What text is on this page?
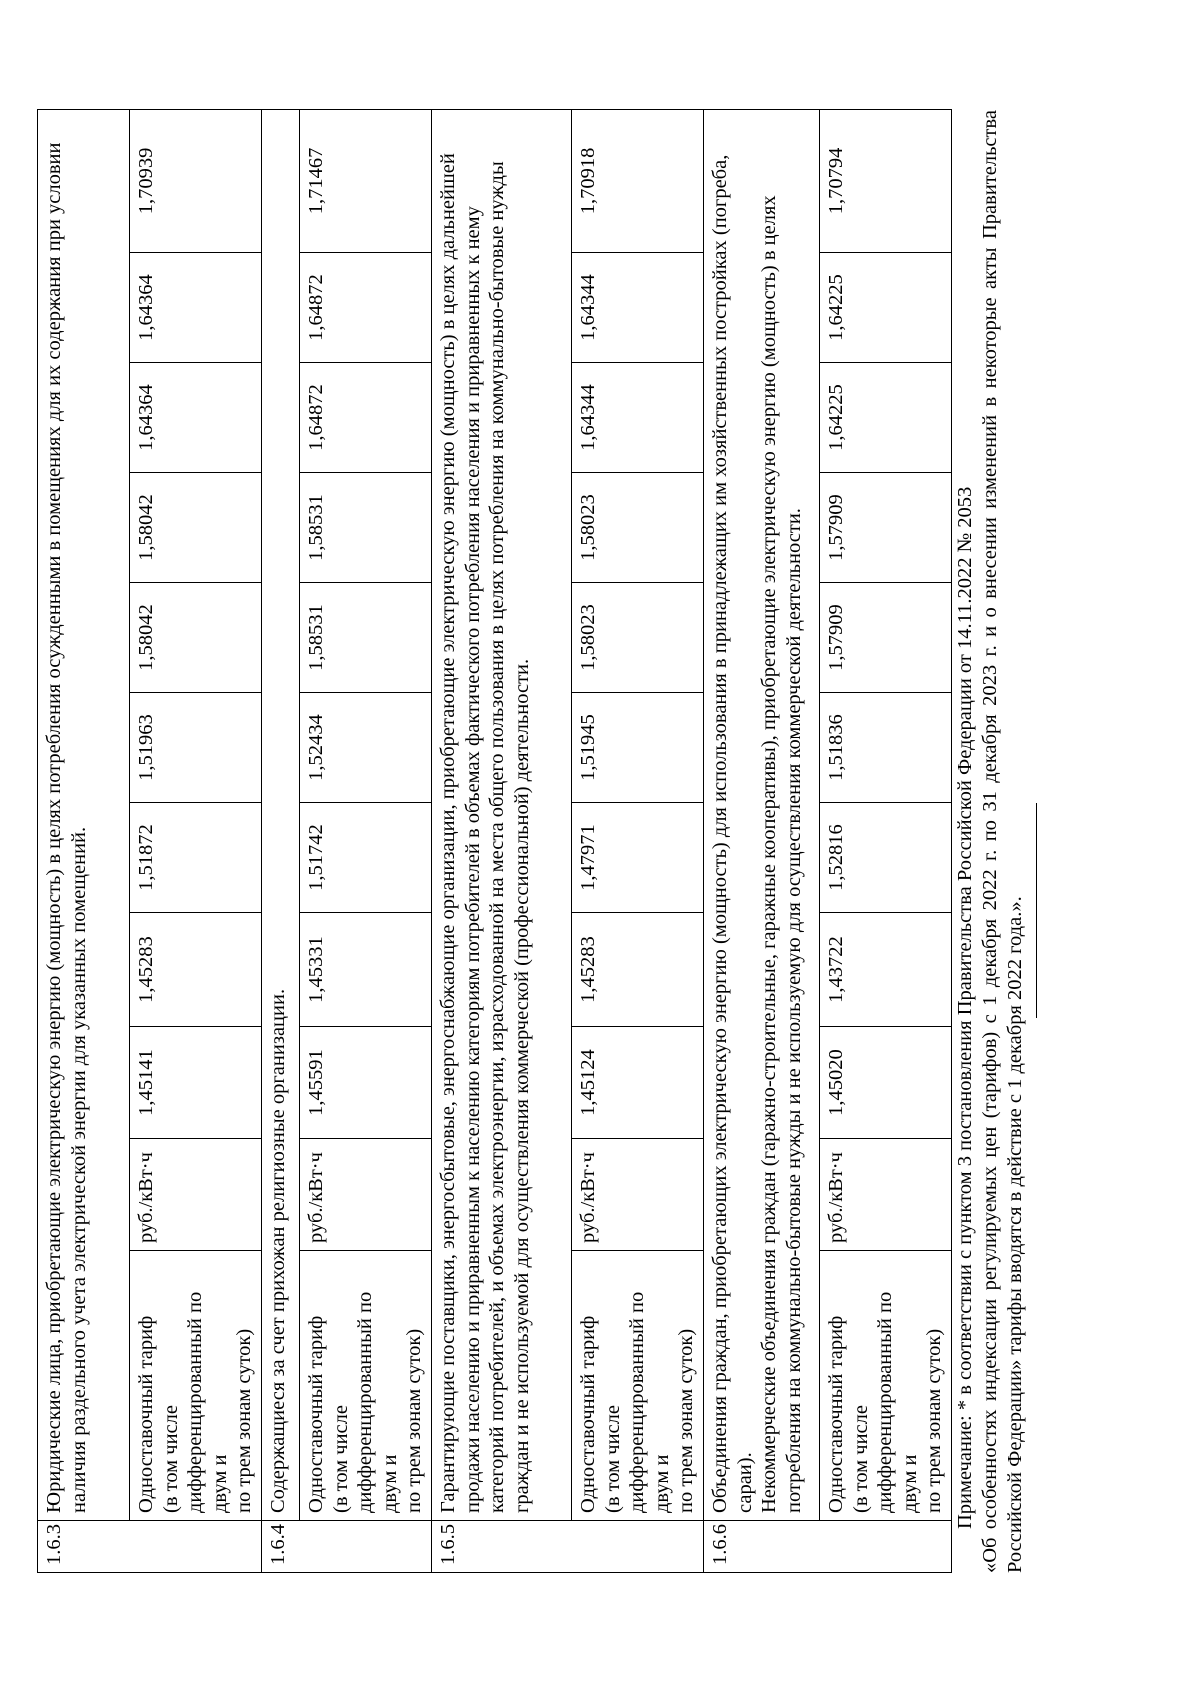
1.6.3	Юридические лица, приобретающие электрическую энергию (мощность) в целях потребления осужденными в помещениях для их содержания при условии наличия раздельного учета электрической энергии для указанных помещений.										

	Одноставочный тариф (в том числе дифференцированный по двум и по трем зонам суток)	руб./кВт·ч	1,45141	1,45283	1,51872	1,51963	1,58042	1,58042	1,64364	1,64364	1,70939
1.6.4	Содержащиеся за счет прихожан религиозные организации.										

	Одноставочный тариф (в том числе дифференцированный по двум и по трем зонам суток)	руб./кВт·ч	1,45591	1,45331	1,51742	1,52434	1,58531	1,58531	1,64872	1,64872	1,71467
1.6.5	Гарантирующие поставщики, энергосбытовые, энергоснабжающие организации, приобретающие электрическую энергию (мощность) в целях дальнейшей продажи населению и приравненным к населению категориям потребителей в объемах фактического потребления населения и приравненных к нему категорий потребителей, и объемах электроэнергии, израсходованной на места общего пользования в целях потребления на коммунально-бытовые нужды граждан и не используемой для осуществления коммерческой (профессиональной) деятельности.										

	Одноставочный тариф (в том числе дифференцированный по двум и по трем зонам суток)	руб./кВт·ч	1,45124	1,45283	1,47971	1,51945	1,58023	1,58023	1,64344	1,64344	1,70918
1.6.6	Объединения граждан, приобретающих электрическую энергию (мощность) для использования в принадлежащих им хозяйственных постройках (погреба, сараи). Некоммерческие объединения граждан (гаражно-строительные, гаражные кооперативы), приобретающие электрическую энергию (мощность) в целях потребления на коммунально-бытовые нужды и не используемую для осуществления коммерческой деятельности.										

	Одноставочный тариф (в том числе дифференцированный по двум и по трем зонам суток)	руб./кВт·ч	1,45020	1,43722	1,52816	1,51836	1,57909	1,57909	1,64225	1,64225	1,70794

Примечание: * в соответствии с пунктом 3 постановления Правительства Российской Федерации от 14.11.2022 № 2053 «Об особенностях индексации регулируемых цен (тарифов) с 1 декабря 2022 г. по 31 декабря 2023 г. и о внесении изменений в некоторые акты Правительства Российской Федерации» тарифы вводятся в действие с 1 декабря 2022 года.».
